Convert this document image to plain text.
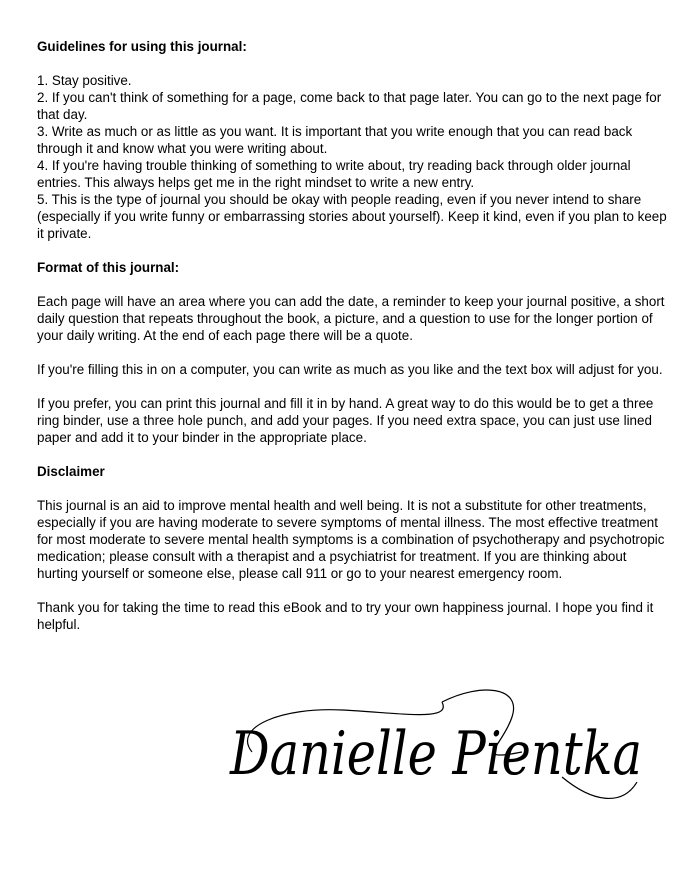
Guidelines for using this journal:

1. Stay positive.

2. If you can't think of something for a page, come back to that page later. You can go to the next page for that day.

3. Write as much or as little as you want. It is important that you write enough that you can read back through it and know what you were writing about.

4. If you're having trouble thinking of something to write about, try reading back through older journal entries. This always helps get me in the right mindset to write a new entry.

5. This is the type of journal you should be okay with people reading, even if you never intend to share (especially if you write funny or embarrassing stories about yourself). Keep it kind, even if you plan to keep it private.

Format of this journal:

Each page will have an area where you can add the date, a reminder to keep your journal positive, a short daily question that repeats throughout the book, a picture, and a question to use for the longer portion of your daily writing. At the end of each page there will be a quote.

If you're filling this in on a computer, you can write as much as you like and the text box will adjust for you.

If you prefer, you can print this journal and fill it in by hand. A great way to do this would be to get a three ring binder, use a three hole punch, and add your pages. If you need extra space, you can just use lined paper and add it to your binder in the appropriate place.

Disclaimer

This journal is an aid to improve mental health and well being. It is not a substitute for other treatments, especially if you are having moderate to severe symptoms of mental illness. The most effective treatment for most moderate to severe mental health symptoms is a combination of psychotherapy and psychotropic medication; please consult with a therapist and a psychiatrist for treatment. If you are thinking about hurting yourself or someone else, please call 911 or go to your nearest emergency room.

Thank you for taking the time to read this eBook and to try your own happiness journal. I hope you find it helpful.

Danielle Pientka
